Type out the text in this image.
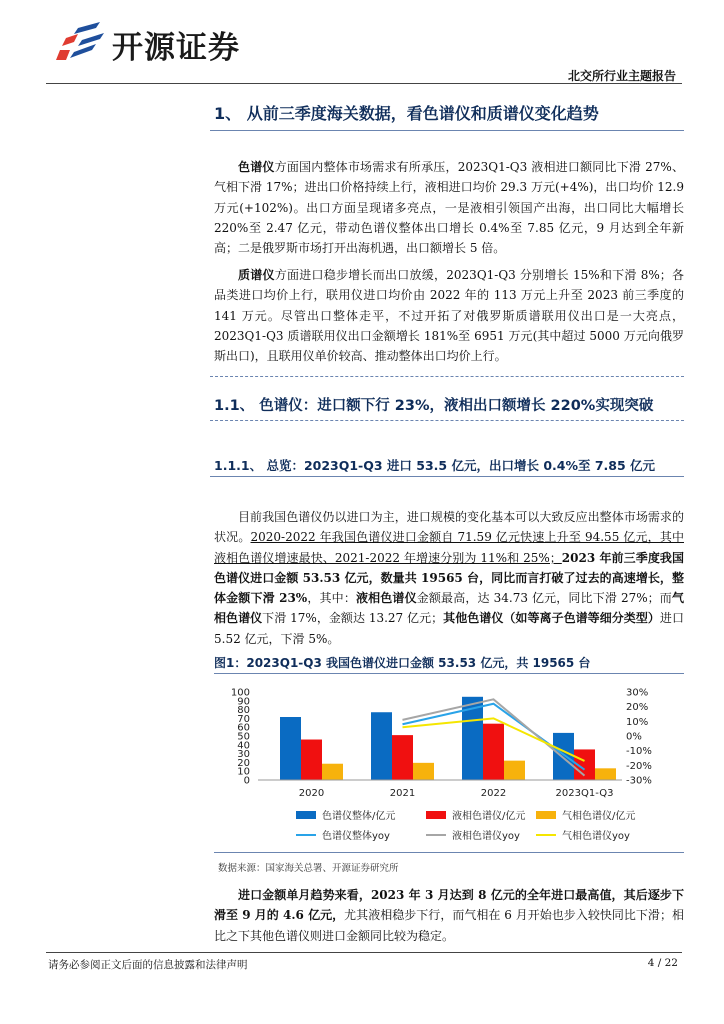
开源证券
北交所行业主题报告
1、 从前三季度海关数据，看色谱仪和质谱仪变化趋势

色谱仪方面国内整体市场需求有所承压，2023Q1-Q3 液相进口额同比下滑 27%、气相下滑 17%；进出口价格持续上行，液相进口均价 29.3 万元(+4%)，出口均价 12.9 万元(+102%)。出口方面呈现诸多亮点，一是液相引领国产出海，出口同比大幅增长 220%至 2.47 亿元，带动色谱仪整体出口增长 0.4%至 7.85 亿元，9 月达到全年新高；二是俄罗斯市场打开出海机遇，出口额增长 5 倍。

质谱仪方面进口稳步增长而出口放缓，2023Q1-Q3 分别增长 15%和下滑 8%；各品类进口均价上行，联用仪进口均价由 2022 年的 113 万元上升至 2023 前三季度的 141 万元。尽管出口整体走平，不过开拓了对俄罗斯质谱联用仪出口是一大亮点，2023Q1-Q3 质谱联用仪出口金额增长 181%至 6951 万元(其中超过 5000 万元向俄罗斯出口)，且联用仪单价较高、推动整体出口均价上行。

1.1、 色谱仪：进口额下行 23%，液相出口额增长 220%实现突破
1.1.1、 总览：2023Q1-Q3 进口 53.5 亿元，出口增长 0.4%至 7.85 亿元

目前我国色谱仪仍以进口为主，进口规模的变化基本可以大致反应出整体市场需求的状况。2020-2022 年我国色谱仪进口金额自 71.59 亿元快速上升至 94.55 亿元，其中液相色谱仪增速最快、2021-2022 年增速分别为 11%和 25%；2023 年前三季度我国色谱仪进口金额 53.53 亿元，数量共 19565 台，同比而言打破了过去的高速增长，整体金额下滑 23%，其中：液相色谱仪金额最高，达 34.73 亿元，同比下滑 27%；而气相色谱仪下滑 17%，金额达 13.27 亿元；其他色谱仪（如等离子色谱等细分类型）进口 5.52 亿元，下滑 5%。

图1：2023Q1-Q3 我国色谱仪进口金额 53.53 亿元，共 19565 台
0
10
20
30
40
50
60
70
80
90
100	30%
20%
10%
0%
-10%
-20%
-30%
2020	2021	2022	2023Q1-Q3
色谱仪整体/亿元	液相色谱仪/亿元	气相色谱仪/亿元
色谱仪整体yoy	液相色谱仪yoy	气相色谱仪yoy
数据来源：国家海关总署、开源证券研究所

进口金额单月趋势来看，2023 年 3 月达到 8 亿元的全年进口最高值，其后逐步下滑至 9 月的 4.6 亿元，尤其液相稳步下行，而气相在 6 月开始也步入较快同比下滑；相比之下其他色谱仪则进口金额同比较为稳定。

请务必参阅正文后面的信息披露和法律声明	4 / 22
